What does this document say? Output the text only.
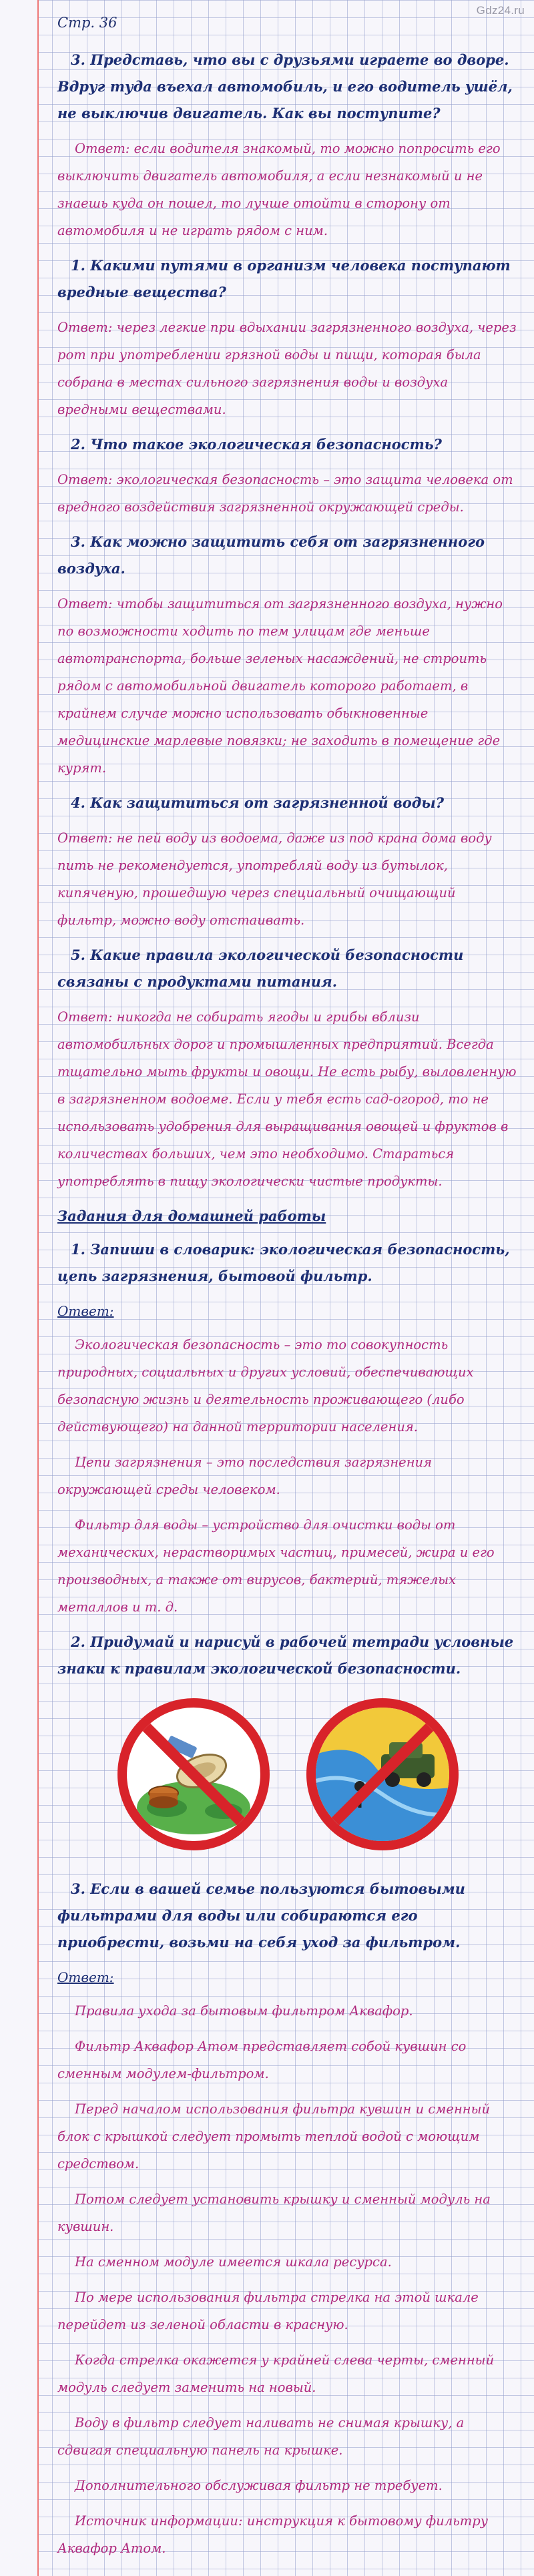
Gdz24.ru
Стр. 36

3. Представь, что вы с друзьями играете во дворе. Вдруг туда въехал автомобиль, и его водитель ушёл, не выключив двигатель. Как вы поступите?

Ответ: если водителя знакомый, то можно попросить его выключить двигатель автомобиля, а если незнакомый и не знаешь куда он пошел, то лучше отойти в сторону от автомобиля и не играть рядом с ним.

1. Какими путями в организм человека поступают вредные вещества?

Ответ: через легкие при вдыхании загрязненного воздуха, через рот при употреблении грязной воды и пищи, которая была собрана в местах сильного загрязнения воды и воздуха вредными веществами.

2. Что такое экологическая безопасность?

Ответ: экологическая безопасность – это защита человека от вредного воздействия загрязненной окружающей среды.

3. Как можно защитить себя от загрязненного воздуха.

Ответ: чтобы защититься от загрязненного воздуха, нужно по возможности ходить по тем улицам где меньше автотранспорта, больше зеленых насаждений, не строить рядом с автомобильной двигатель которого работает, в крайнем случае можно использовать обыкновенные медицинские марлевые повязки; не заходить в помещение где курят.

4. Как защититься от загрязненной воды?

Ответ: не пей воду из водоема, даже из под крана дома воду пить не рекомендуется, употребляй воду из бутылок, кипяченую, прошедшую через специальный очищающий фильтр, можно воду отстаивать.

5. Какие правила экологической безопасности связаны с продуктами питания.

Ответ: никогда не собирать ягоды и грибы вблизи автомобильных дорог и промышленных предприятий. Всегда тщательно мыть фрукты и овощи. Не есть рыбу, выловленную в загрязненном водоеме. Если у тебя есть сад-огород, то не использовать удобрения для выращивания овощей и фруктов в количествах больших, чем это необходимо. Стараться употреблять в пищу экологически чистые продукты.

Задания для домашней работы

1. Запиши в словарик: экологическая безопасность, цепь загрязнения, бытовой фильтр.

Ответ:

Экологическая безопасность – это то совокупность природных, социальных и других условий, обеспечивающих безопасную жизнь и деятельность проживающего (либо действующего) на данной территории населения.

Цепи загрязнения – это последствия загрязнения окружающей среды человеком.

Фильтр для воды – устройство для очистки воды от механических, нерастворимых частиц, примесей, жира и его производных, а также от вирусов, бактерий, тяжелых металлов и т. д.

2. Придумай и нарисуй в рабочей тетради условные знаки к правилам экологической безопасности.

3. Если в вашей семье пользуются бытовыми фильтрами для воды или собираются его приобрести, возьми на себя уход за фильтром.

Ответ:

Правила ухода за бытовым фильтром Аквафор.

Фильтр Аквафор Атом представляет собой кувшин со сменным модулем-фильтром.

Перед началом использования фильтра кувшин и сменный блок с крышкой следует промыть теплой водой с моющим средством.

Потом следует установить крышку и сменный модуль на кувшин.

На сменном модуле имеется шкала ресурса.

По мере использования фильтра стрелка на этой шкале перейдет из зеленой области в красную.

Когда стрелка окажется у крайней слева черты, сменный модуль следует заменить на новый.

Воду в фильтр следует наливать не снимая крышку, а сдвигая специальную панель на крышке.

Дополнительного обслуживая фильтр не требует.

Источник информации: инструкция к бытовому фильтру Аквафор Атом.
